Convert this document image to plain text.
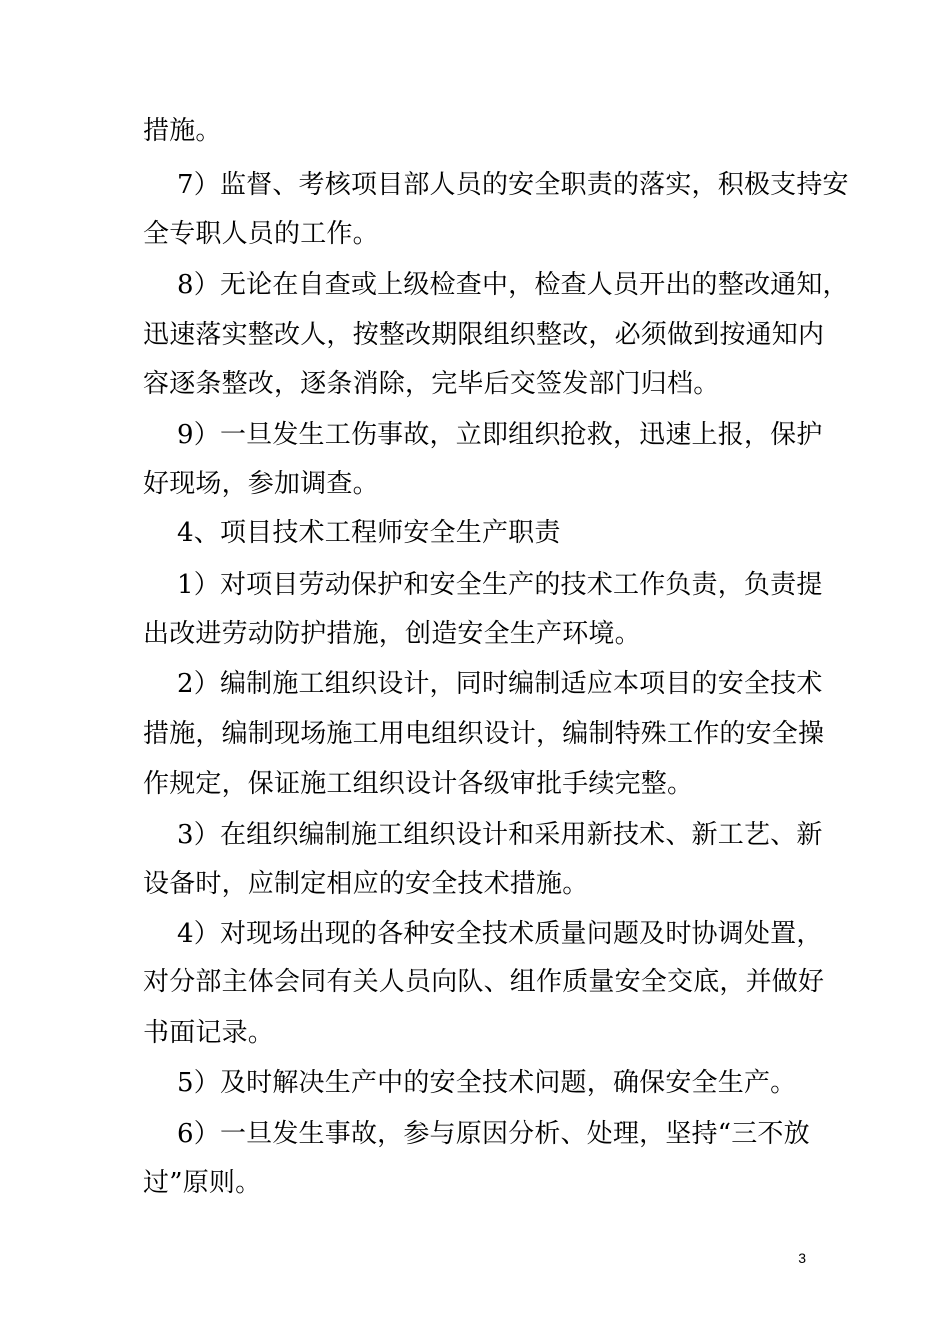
措施。
7）监督、考核项目部人员的安全职责的落实，积极支持安
全专职人员的工作。
8）无论在自查或上级检查中，检查人员开出的整改通知，
迅速落实整改人，按整改期限组织整改，必须做到按通知内
容逐条整改，逐条消除，完毕后交签发部门归档。
9）一旦发生工伤事故，立即组织抢救，迅速上报，保护
好现场，参加调查。
4、项目技术工程师安全生产职责
1）对项目劳动保护和安全生产的技术工作负责，负责提
出改进劳动防护措施，创造安全生产环境。
2）编制施工组织设计，同时编制适应本项目的安全技术
措施，编制现场施工用电组织设计，编制特殊工作的安全操
作规定，保证施工组织设计各级审批手续完整。
3）在组织编制施工组织设计和采用新技术、新工艺、新
设备时，应制定相应的安全技术措施。
4）对现场出现的各种安全技术质量问题及时协调处置，
对分部主体会同有关人员向队、组作质量安全交底，并做好
书面记录。
5）及时解决生产中的安全技术问题，确保安全生产。
6）一旦发生事故，参与原因分析、处理，坚持“三不放
过”原则。
3
